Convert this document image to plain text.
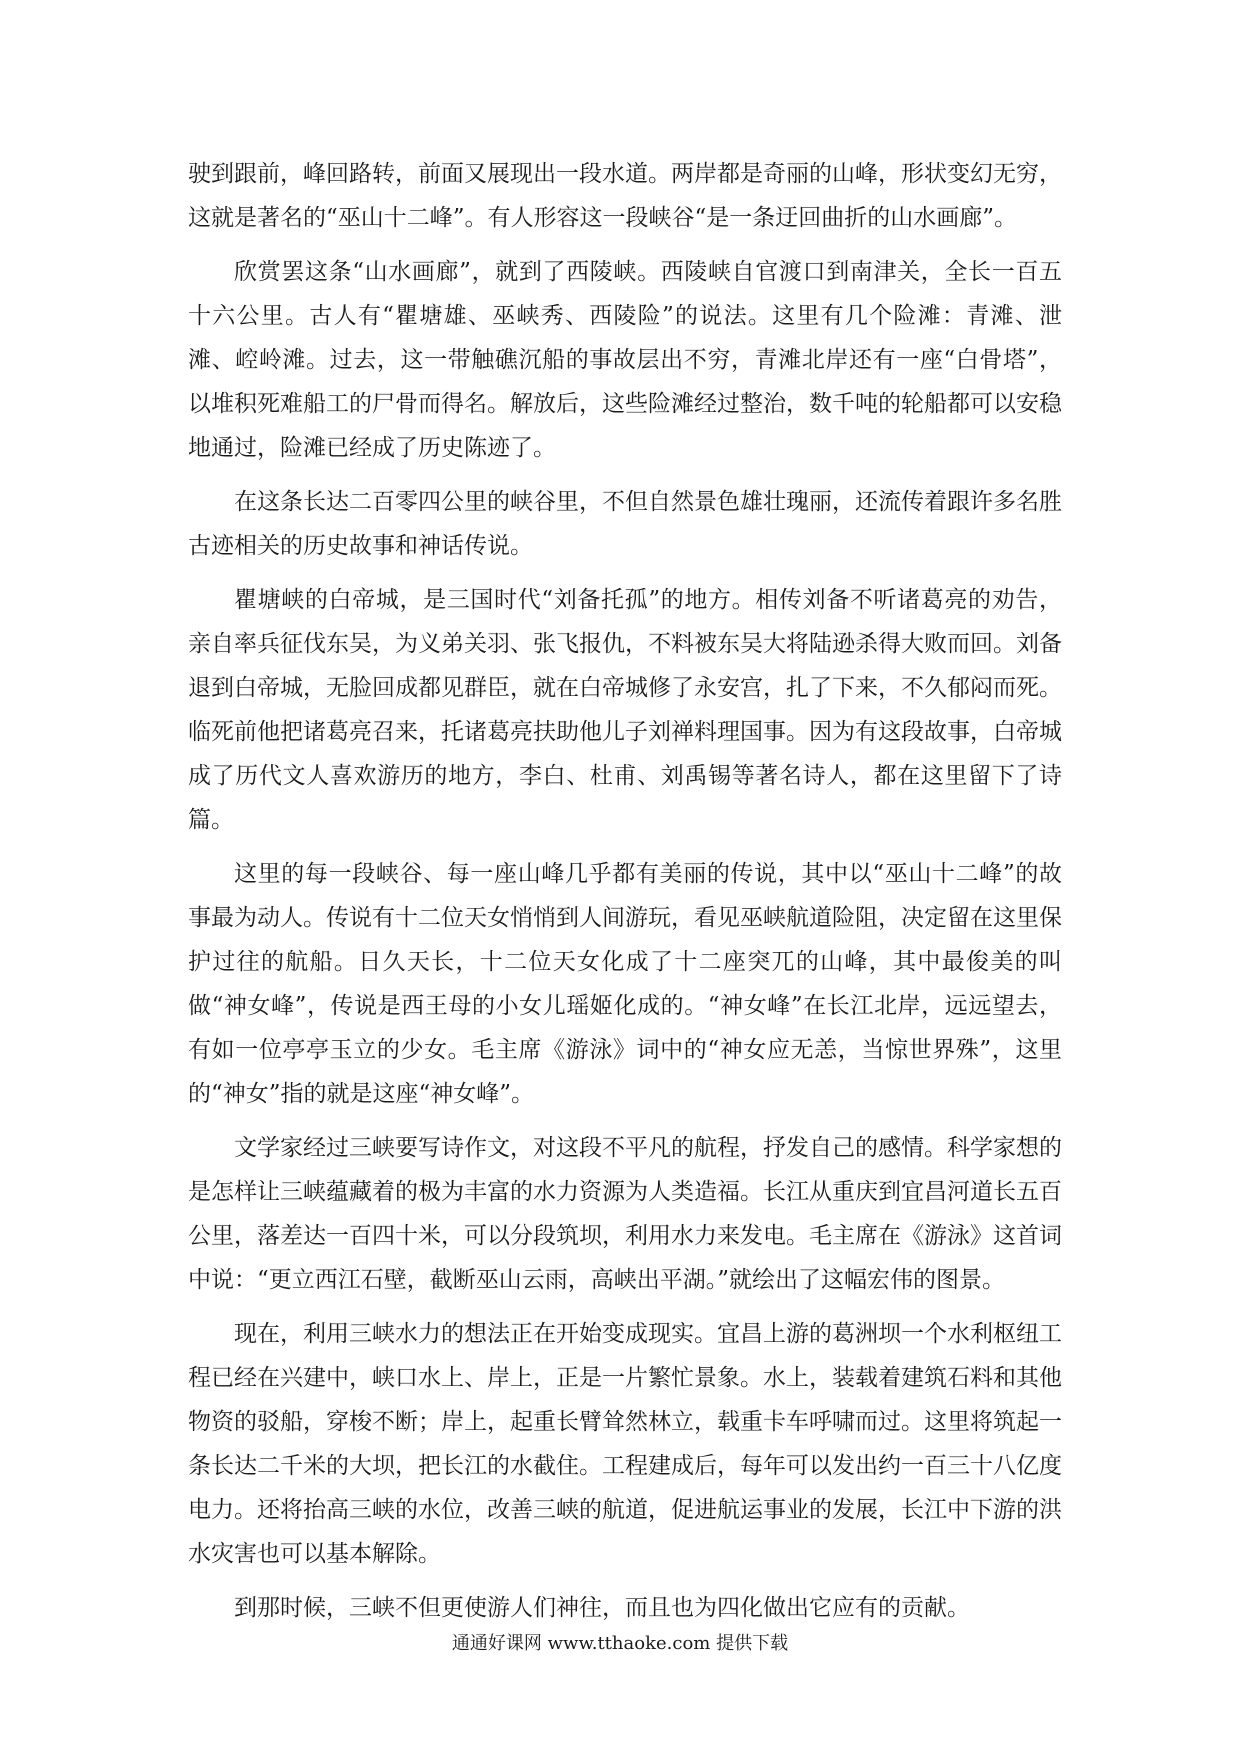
驶到跟前，峰回路转，前面又展现出一段水道。两岸都是奇丽的山峰，形状变幻无穷，这就是著名的“巫山十二峰”。有人形容这一段峡谷“是一条迂回曲折的山水画廊”。

欣赏罢这条“山水画廊”，就到了西陵峡。西陵峡自官渡口到南津关，全长一百五十六公里。古人有“瞿塘雄、巫峡秀、西陵险”的说法。这里有几个险滩：青滩、泄滩、崆岭滩。过去，这一带触礁沉船的事故层出不穷，青滩北岸还有一座“白骨塔”，以堆积死难船工的尸骨而得名。解放后，这些险滩经过整治，数千吨的轮船都可以安稳地通过，险滩已经成了历史陈迹了。

在这条长达二百零四公里的峡谷里，不但自然景色雄壮瑰丽，还流传着跟许多名胜古迹相关的历史故事和神话传说。

瞿塘峡的白帝城，是三国时代“刘备托孤”的地方。相传刘备不听诸葛亮的劝告，亲自率兵征伐东吴，为义弟关羽、张飞报仇，不料被东吴大将陆逊杀得大败而回。刘备退到白帝城，无脸回成都见群臣，就在白帝城修了永安宫，扎了下来，不久郁闷而死。临死前他把诸葛亮召来，托诸葛亮扶助他儿子刘禅料理国事。因为有这段故事，白帝城成了历代文人喜欢游历的地方，李白、杜甫、刘禹锡等著名诗人，都在这里留下了诗篇。

这里的每一段峡谷、每一座山峰几乎都有美丽的传说，其中以“巫山十二峰”的故事最为动人。传说有十二位天女悄悄到人间游玩，看见巫峡航道险阻，决定留在这里保护过往的航船。日久天长，十二位天女化成了十二座突兀的山峰，其中最俊美的叫做“神女峰”，传说是西王母的小女儿瑶姬化成的。“神女峰”在长江北岸，远远望去，有如一位亭亭玉立的少女。毛主席《游泳》词中的“神女应无恙，当惊世界殊”，这里的“神女”指的就是这座“神女峰”。

文学家经过三峡要写诗作文，对这段不平凡的航程，抒发自己的感情。科学家想的是怎样让三峡蕴藏着的极为丰富的水力资源为人类造福。长江从重庆到宜昌河道长五百公里，落差达一百四十米，可以分段筑坝，利用水力来发电。毛主席在《游泳》这首词中说：“更立西江石壁，截断巫山云雨，高峡出平湖。”就绘出了这幅宏伟的图景。

现在，利用三峡水力的想法正在开始变成现实。宜昌上游的葛洲坝一个水利枢纽工程已经在兴建中，峡口水上、岸上，正是一片繁忙景象。水上，装载着建筑石料和其他物资的驳船，穿梭不断；岸上，起重长臂耸然林立，载重卡车呼啸而过。这里将筑起一条长达二千米的大坝，把长江的水截住。工程建成后，每年可以发出约一百三十八亿度电力。还将抬高三峡的水位，改善三峡的航道，促进航运事业的发展，长江中下游的洪水灾害也可以基本解除。

到那时候，三峡不但更使游人们神往，而且也为四化做出它应有的贡献。

通通好课网 www.tthaoke.com 提供下载
